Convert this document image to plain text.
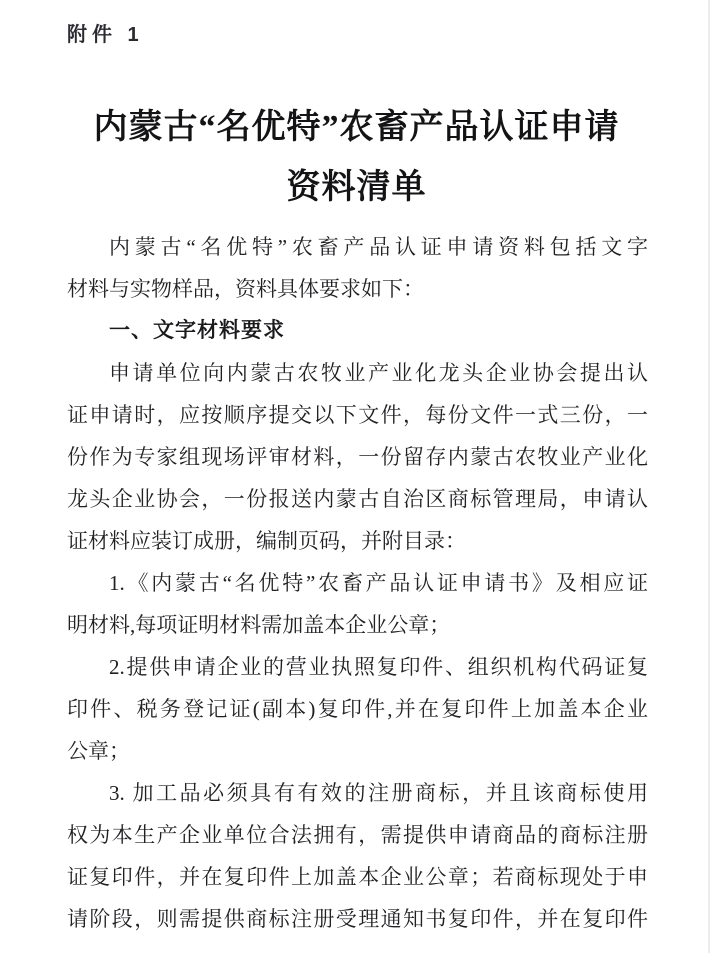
附件 1
内蒙古“名优特”农畜产品认证申请
资料清单
内蒙古“名优特”农畜产品认证申请资料包括文字
材料与实物样品，资料具体要求如下：
一、文字材料要求
申请单位向内蒙古农牧业产业化龙头企业协会提出认
证申请时，应按顺序提交以下文件，每份文件一式三份，一
份作为专家组现场评审材料，一份留存内蒙古农牧业产业化
龙头企业协会，一份报送内蒙古自治区商标管理局，申请认
证材料应装订成册，编制页码，并附目录：
1.《内蒙古“名优特”农畜产品认证申请书》及相应证
明材料,每项证明材料需加盖本企业公章；
2.提供申请企业的营业执照复印件、组织机构代码证复
印件、税务登记证(副本)复印件,并在复印件上加盖本企业
公章；
3. 加工品必须具有有效的注册商标，并且该商标使用
权为本生产企业单位合法拥有，需提供申请商品的商标注册
证复印件，并在复印件上加盖本企业公章；若商标现处于申
请阶段，则需提供商标注册受理通知书复印件，并在复印件
